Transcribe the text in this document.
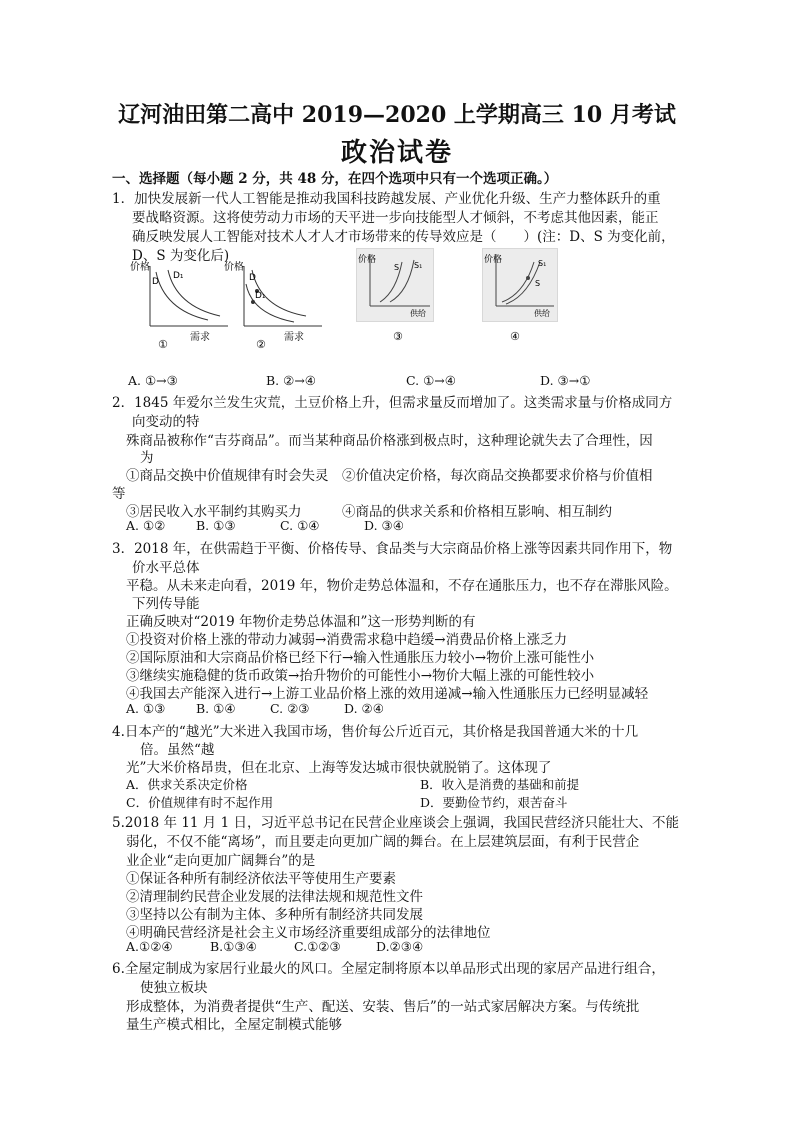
辽河油田第二高中 2019—2020 上学期高三 10 月考试
政治试卷
一、选择题（每小题 2 分，共 48 分，在四个选项中只有一个选项正确。）
1．加快发展新一代人工智能是推动我国科技跨越发展、产业优化升级、生产力整体跃升的重
要战略资源。这将使劳动力市场的天平进一步向技能型人才倾斜，不考虑其他因素，能正
确反映发展人工智能对技术人才人才市场带来的传导效应是（　　）(注：D、S 为变化前，
D、S 为变化后)
价格
D
D₁
需求
①
价格
D
D₁
需求
②
价格
S S₁
供给
③
价格	S₁
S
供给
④
A. ①→③	B. ②→④	C. ①→④	D. ③→①
2．1845 年爱尔兰发生灾荒，土豆价格上升，但需求量反而增加了。这类需求量与价格成同方
向变动的特
殊商品被称作“吉芬商品”。而当某种商品价格涨到极点时，这种理论就失去了合理性，因
为
①商品交换中价值规律有时会失灵　②价值决定价格，每次商品交换都要求价格与价值相
等
③居民收入水平制约其购买力　　　④商品的供求关系和价格相互影响、相互制约
A. ①② B. ①③	C. ①④	D. ③④
3．2018 年，在供需趋于平衡、价格传导、食品类与大宗商品价格上涨等因素共同作用下，物
价水平总体
平稳。从未来走向看，2019 年，物价走势总体温和，不存在通胀压力，也不存在滞胀风险。
下列传导能
正确反映对“2019 年物价走势总体温和”这一形势判断的有
①投资对价格上涨的带动力减弱→消费需求稳中趋缓→消费品价格上涨乏力
②国际原油和大宗商品价格已经下行→输入性通胀压力较小→物价上涨可能性小
③继续实施稳健的货币政策→抬升物价的可能性小→物价大幅上涨的可能性较小
④我国去产能深入进行→上游工业品价格上涨的效用递减→输入性通胀压力已经明显减轻
A. ①③ B. ①④	C. ②③	D. ②④
4.日本产的“越光”大米进入我国市场，售价每公斤近百元，其价格是我国普通大米的十几
倍。虽然“越
光”大米价格昂贵，但在北京、上海等发达城市很快就脱销了。这体现了
A．供求关系决定价格	B．收入是消费的基础和前提
C．价值规律有时不起作用	D．要勤俭节约，艰苦奋斗
5.2018 年 11 月 1 日，习近平总书记在民营企业座谈会上强调，我国民营经济只能壮大、不能
弱化，不仅不能“离场”，而且要走向更加广阔的舞台。在上层建筑层面，有利于民营企
业企业“走向更加广阔舞台”的是
①保证各种所有制经济依法平等使用生产要素
②清理制约民营企业发展的法律法规和规范性文件
③坚持以公有制为主体、多种所有制经济共同发展
④明确民营经济是社会主义市场经济重要组成部分的法律地位
A.①②④	B.①③④	C.①②③	D.②③④
6.全屋定制成为家居行业最火的风口。全屋定制将原本以单品形式出现的家居产品进行组合，
使独立板块
形成整体，为消费者提供“生产、配送、安装、售后”的一站式家居解决方案。与传统批
量生产模式相比，全屋定制模式能够
